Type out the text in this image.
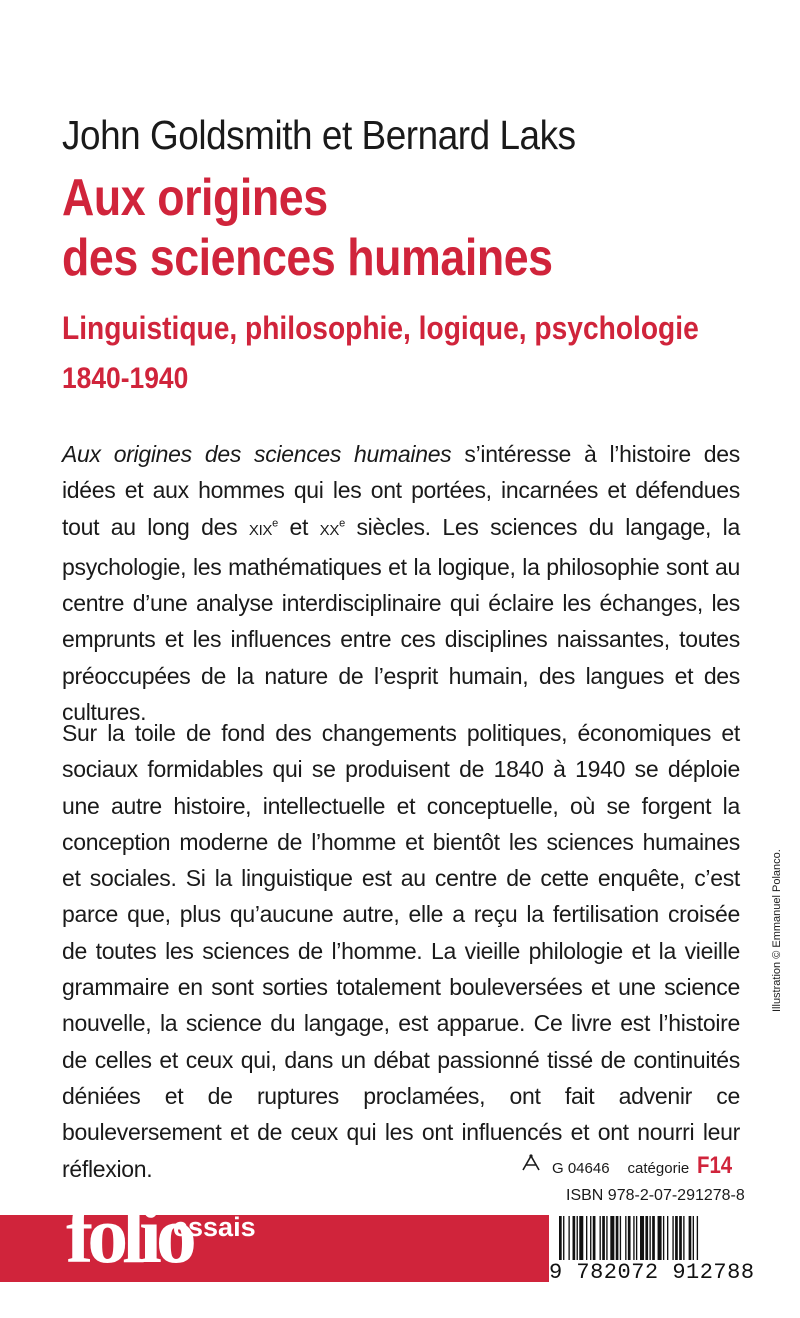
John Goldsmith et Bernard Laks
Aux origines
des sciences humaines
Linguistique, philosophie, logique, psychologie
1840-1940

Aux origines des sciences humaines s’intéresse à l’histoire des idées et aux hommes qui les ont portées, incarnées et défendues tout au long des XIXe et XXe siècles. Les sciences du langage, la psychologie, les mathématiques et la logique, la philosophie sont au centre d’une analyse interdisciplinaire qui éclaire les échanges, les emprunts et les influences entre ces disciplines naissantes, toutes préoccupées de la nature de l’esprit humain, des langues et des cultures.

Sur la toile de fond des changements politiques, économiques et sociaux formidables qui se produisent de 1840 à 1940 se déploie une autre histoire, intellectuelle et conceptuelle, où se forgent la conception moderne de l’homme et bientôt les sciences humaines et sociales. Si la linguistique est au centre de cette enquête, c’est parce que, plus qu’aucune autre, elle a reçu la fertilisation croisée de toutes les sciences de l’homme. La vieille philologie et la vieille grammaire en sont sorties totalement bouleversées et une science nouvelle, la science du langage, est apparue. Ce livre est l’histoire de celles et ceux qui, dans un débat passionné tissé de continuités déniées et de ruptures proclamées, ont fait advenir ce bouleversement et de ceux qui les ont influencés et ont nourri leur réflexion.

Illustration © Emmanuel Polanco.
G 04646 catégorie F14
ISBN 978-2-07-291278-8
folio
essais
9 782072 912788
